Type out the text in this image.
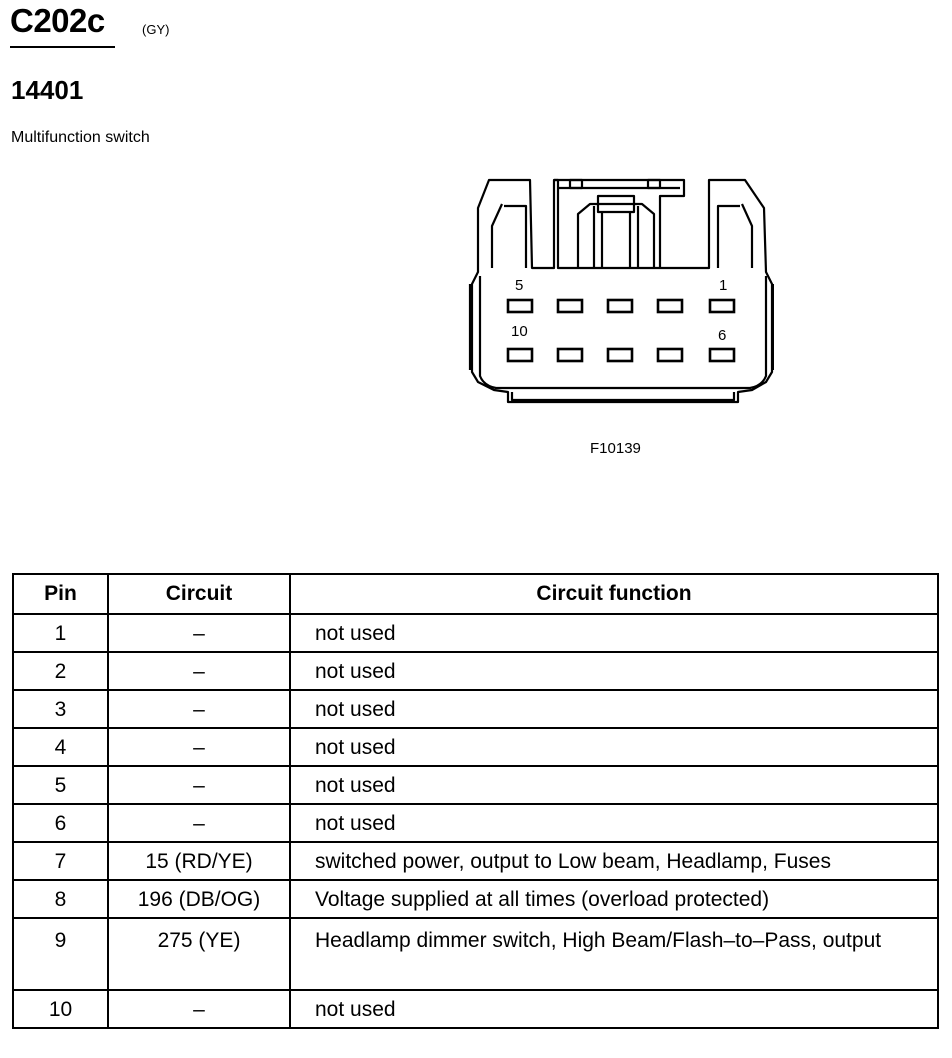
C202c	(GY)
14401
Multifunction switch
5	1
10	6
F10139
Pin	Circuit	Circuit function
1	–	not used
2	–	not used
3	–	not used
4	–	not used
5	–	not used
6	–	not used
7	15 (RD/YE)	switched power, output to Low beam, Headlamp, Fuses
8	196 (DB/OG)	Voltage supplied at all times (overload protected)
9	275 (YE)	Headlamp dimmer switch, High Beam/Flash–to–Pass, output
10	–	not used
